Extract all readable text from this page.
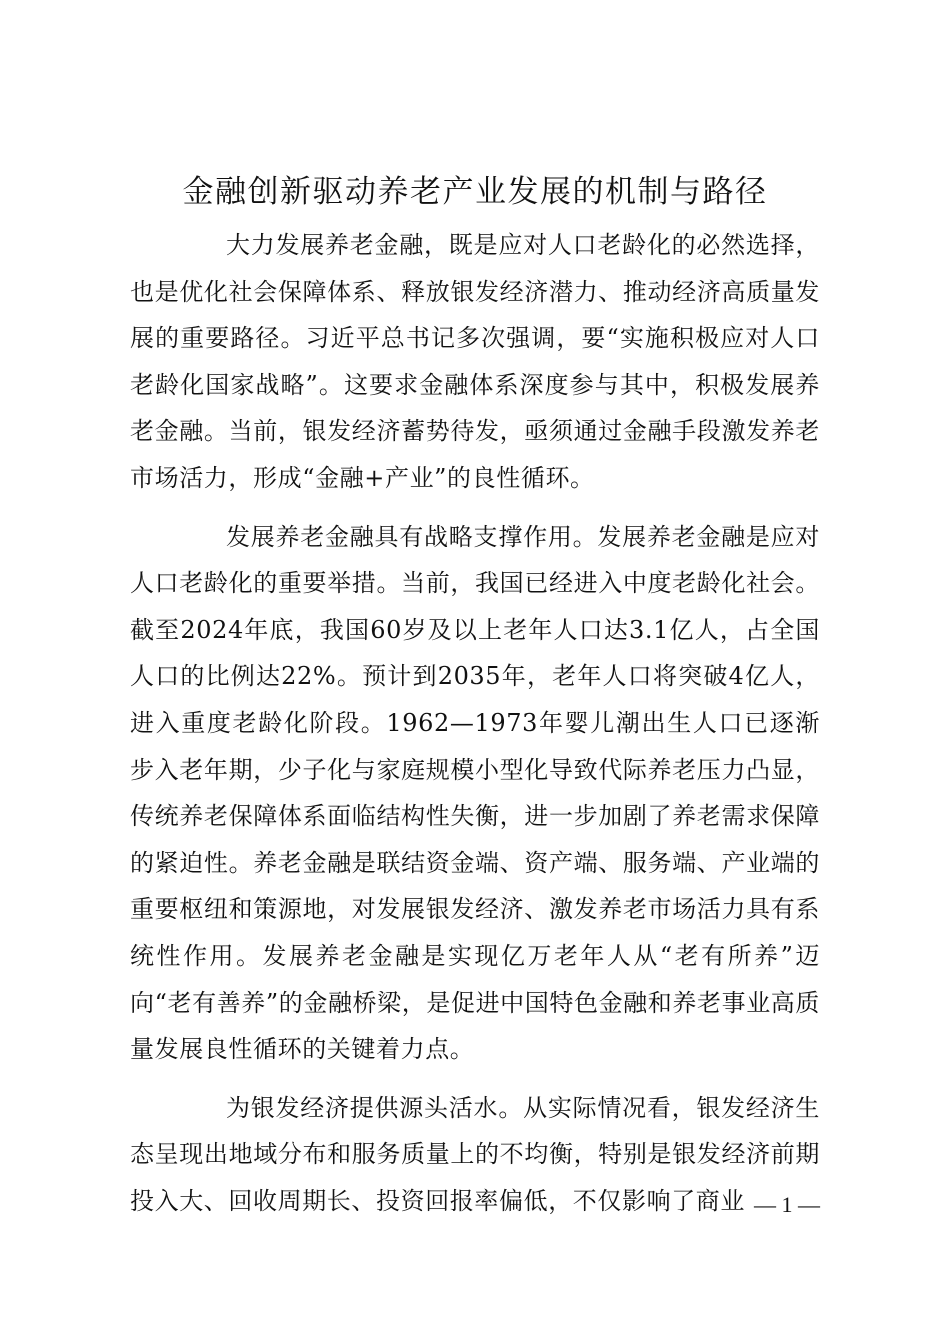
金融创新驱动养老产业发展的机制与路径

大力发展养老金融，既是应对人口老龄化的必然选择，也是优化社会保障体系、释放银发经济潜力、推动经济高质量发展的重要路径。习近平总书记多次强调，要“实施积极应对人口老龄化国家战略”。这要求金融体系深度参与其中，积极发展养老金融。当前，银发经济蓄势待发，亟须通过金融手段激发养老市场活力，形成“金融+产业”的良性循环。

发展养老金融具有战略支撑作用。发展养老金融是应对人口老龄化的重要举措。当前，我国已经进入中度老龄化社会。截至2024年底，我国60岁及以上老年人口达3.1亿人，占全国人口的比例达22%。预计到2035年，老年人口将突破4亿人，进入重度老龄化阶段。1962—1973年婴儿潮出生人口已逐渐步入老年期，少子化与家庭规模小型化导致代际养老压力凸显，传统养老保障体系面临结构性失衡，进一步加剧了养老需求保障的紧迫性。养老金融是联结资金端、资产端、服务端、产业端的重要枢纽和策源地，对发展银发经济、激发养老市场活力具有系统性作用。发展养老金融是实现亿万老年人从“老有所养”迈向“老有善养”的金融桥梁，是促进中国特色金融和养老事业高质量发展良性循环的关键着力点。

为银发经济提供源头活水。从实际情况看，银发经济生态呈现出地域分布和服务质量上的不均衡，特别是银发经济前期投入大、回收周期长、投资回报率偏低，不仅影响了商业 — 1 —
